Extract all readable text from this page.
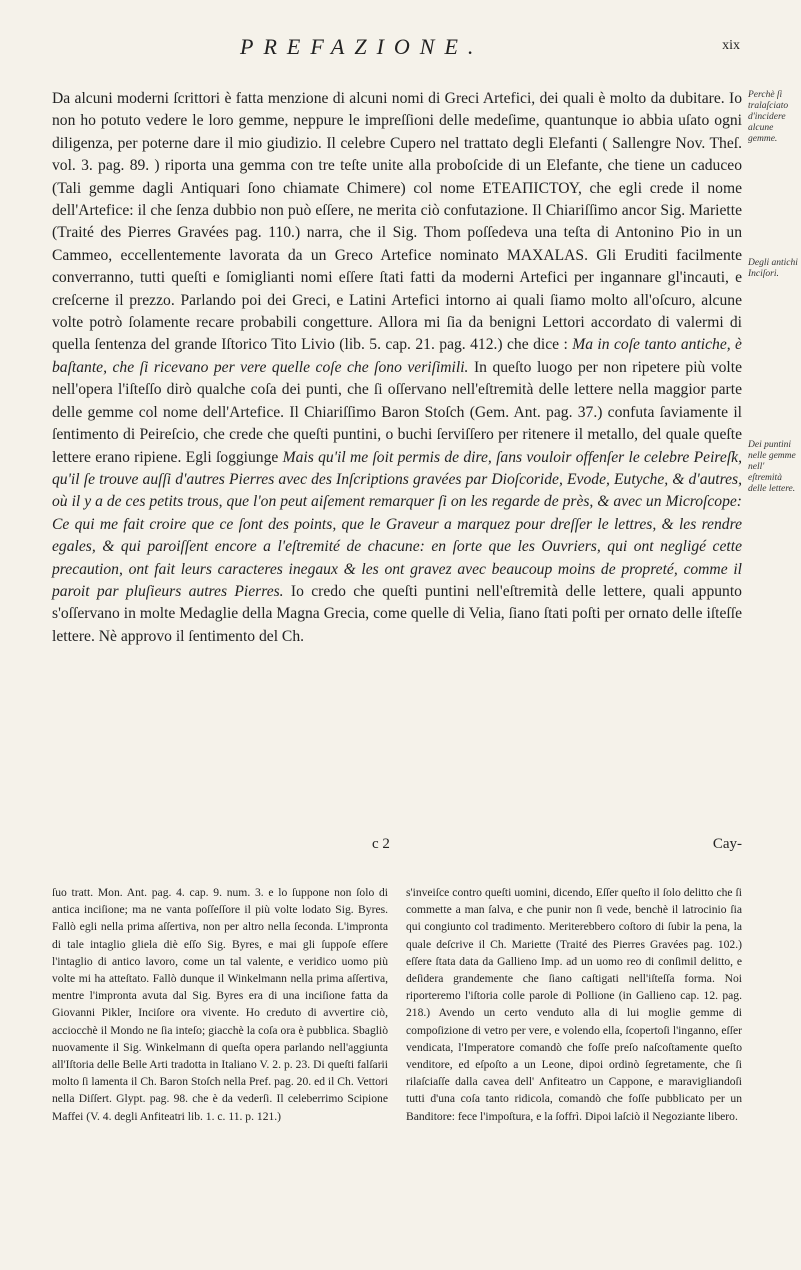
PREFAZIONE.	xix

Da alcuni moderni ſcrittori è fatta menzione di alcuni nomi di Greci Artefici, dei quali è molto da dubitare. Io non ho potuto vedere le loro gemme, neppure le impreſſioni delle medeſime, quantunque io abbia uſato ogni diligenza, per poterne dare il mio giudizio. Il celebre Cupero nel trattato degli Elefanti ( Sallengre Nov. Theſ. vol. 3. pag. 89. ) riporta una gemma con tre teſte unite alla proboſcide di un Elefante, che tiene un caduceo (Tali gemme dagli Antiquari ſono chiamate Chimere) col nome ΕΤΕΑΠΙCΤΟΥ, che egli crede il nome dell'Artefice: il che ſenza dubbio non può eſſere, ne merita ciò confutazione. Il Chiariſſimo ancor Sig. Mariette (Traité des Pierres Gravées pag. 110.) narra, che il Sig. Thom poſſedeva una teſta di Antonino Pio in un Cammeo, eccellentemente lavorata da un Greco Artefice nominato MAXALAS. Gli Eruditi facilmente converranno, tutti queſti e ſomiglianti nomi eſſere ſtati fatti da moderni Artefici per ingannare gl'incauti, e creſcerne il prezzo. Parlando poi dei Greci, e Latini Artefici intorno ai quali ſiamo molto all'oſcuro, alcune volte potrò ſolamente recare probabili congetture. Allora mi ſia da benigni Lettori accordato di valermi di quella ſentenza del grande Iſtorico Tito Livio (lib. 5. cap. 21. pag. 412.) che dice : Ma in coſe tanto antiche, è baſtante, che ſi ricevano per vere quelle coſe che ſono veriſimili. In queſto luogo per non ripetere più volte nell'opera l'iſteſſo dirò qualche coſa dei punti, che ſi oſſervano nell'eſtremità delle lettere nella maggior parte delle gemme col nome dell'Artefice. Il Chiariſſimo Baron Stoſch (Gem. Ant. pag. 37.) confuta ſaviamente il ſentimento di Peireſcio, che crede che queſti puntini, o buchi ſerviſſero per ritenere il metallo, del quale queſte lettere erano ripiene. Egli ſoggiunge Mais qu'il me ſoit permis de dire, ſans vouloir offenſer le celebre Peireſk, qu'il ſe trouve auſſi d'autres Pierres avec des Inſcriptions gravées par Dioſcoride, Evode, Eutyche, & d'autres, où il y a de ces petits trous, que l'on peut aiſement remarquer ſi on les regarde de près, & avec un Microſcope: Ce qui me fait croire que ce ſont des points, que le Graveur a marquez pour dreſſer le lettres, & les rendre egales, & qui paroiſſent encore a l'eſtremité de chacune: en ſorte que les Ouvriers, qui ont negligé cette precaution, ont fait leurs caracteres inegaux & les ont gravez avec beaucoup moins de propreté, comme il paroit par pluſieurs autres Pierres. Io credo che queſti puntini nell'eſtremità delle lettere, quali appunto s'oſſervano in molte Medaglie della Magna Grecia, come quelle di Velia, ſiano ſtati poſti per ornato delle iſteſſe lettere. Nè approvo il ſentimento del Ch.

Perchè ſi tralaſciato d'incidere alcune gemme.
Degli antichi Inciſori.
Dei puntini nelle gemme nell' eſtremità delle lettere.
c 2	Cay-
ſuo tratt. Mon. Ant. pag. 4. cap. 9. num. 3. e lo ſuppone non ſolo di antica inciſione; ma ne vanta poſſeſſore il più volte lodato Sig. Byres. Fallò egli nella prima aſſertiva, non per altro nella ſeconda. L'impronta di tale intaglio gliela diè eſſo Sig. Byres, e mai gli ſuppoſe eſſere l'intaglio di antico lavoro, come un tal valente, e veridico uomo più volte mi ha atteſtato. Fallò dunque il Winkelmann nella prima aſſertiva, mentre l'impronta avuta dal Sig. Byres era di una inciſione fatta da Giovanni Pikler, Inciſore ora vivente. Ho creduto di avvertire ciò, acciocchè il Mondo ne ſia inteſo; giacchè la coſa ora è pubblica. Sbagliò nuovamente il Sig. Winkelmann di queſta opera parlando nell'aggiunta all'Iſtoria delle Belle Arti tradotta in Italiano V. 2. p. 23. Di queſti falſarii molto ſi lamenta il Ch. Baron Stoſch nella Pref. pag. 20. ed il Ch. Vettori nella Diſſert. Glypt. pag. 98. che è da vederſi. Il celeberrimo Scipione Maffei (V. 4. degli Anfiteatri lib. 1. c. 11. p. 121.)
s'inveiſce contro queſti uomini, dicendo, Eſſer queſto il ſolo delitto che ſi commette a man ſalva, e che punir non ſi vede, benchè il latrocinio ſia qui congiunto col tradimento. Meriterebbero coſtoro di ſubir la pena, la quale deſcrive il Ch. Mariette (Traité des Pierres Gravées pag. 102.) eſſere ſtata data da Gallieno Imp. ad un uomo reo di conſimil delitto, e deſidera grandemente che ſiano caſtigati nell'iſteſſa forma. Noi riporteremo l'iſtoria colle parole di Pollione (in Gallieno cap. 12. pag. 218.) Avendo un certo venduto alla di lui moglie gemme di compoſizione di vetro per vere, e volendo ella, ſcopertoſi l'inganno, eſſer vendicata, l'Imperatore comandò che foſſe preſo naſcoſtamente queſto venditore, ed eſpoſto a un Leone, dipoi ordinò ſegretamente, che ſi rilaſciaſſe dalla cavea dell' Anfiteatro un Cappone, e maravigliandoſi tutti d'una coſa tanto ridicola, comandò che foſſe pubblicato per un Banditore: fece l'impoſtura, e la ſoffrì. Dipoi laſciò il Negoziante libero.
